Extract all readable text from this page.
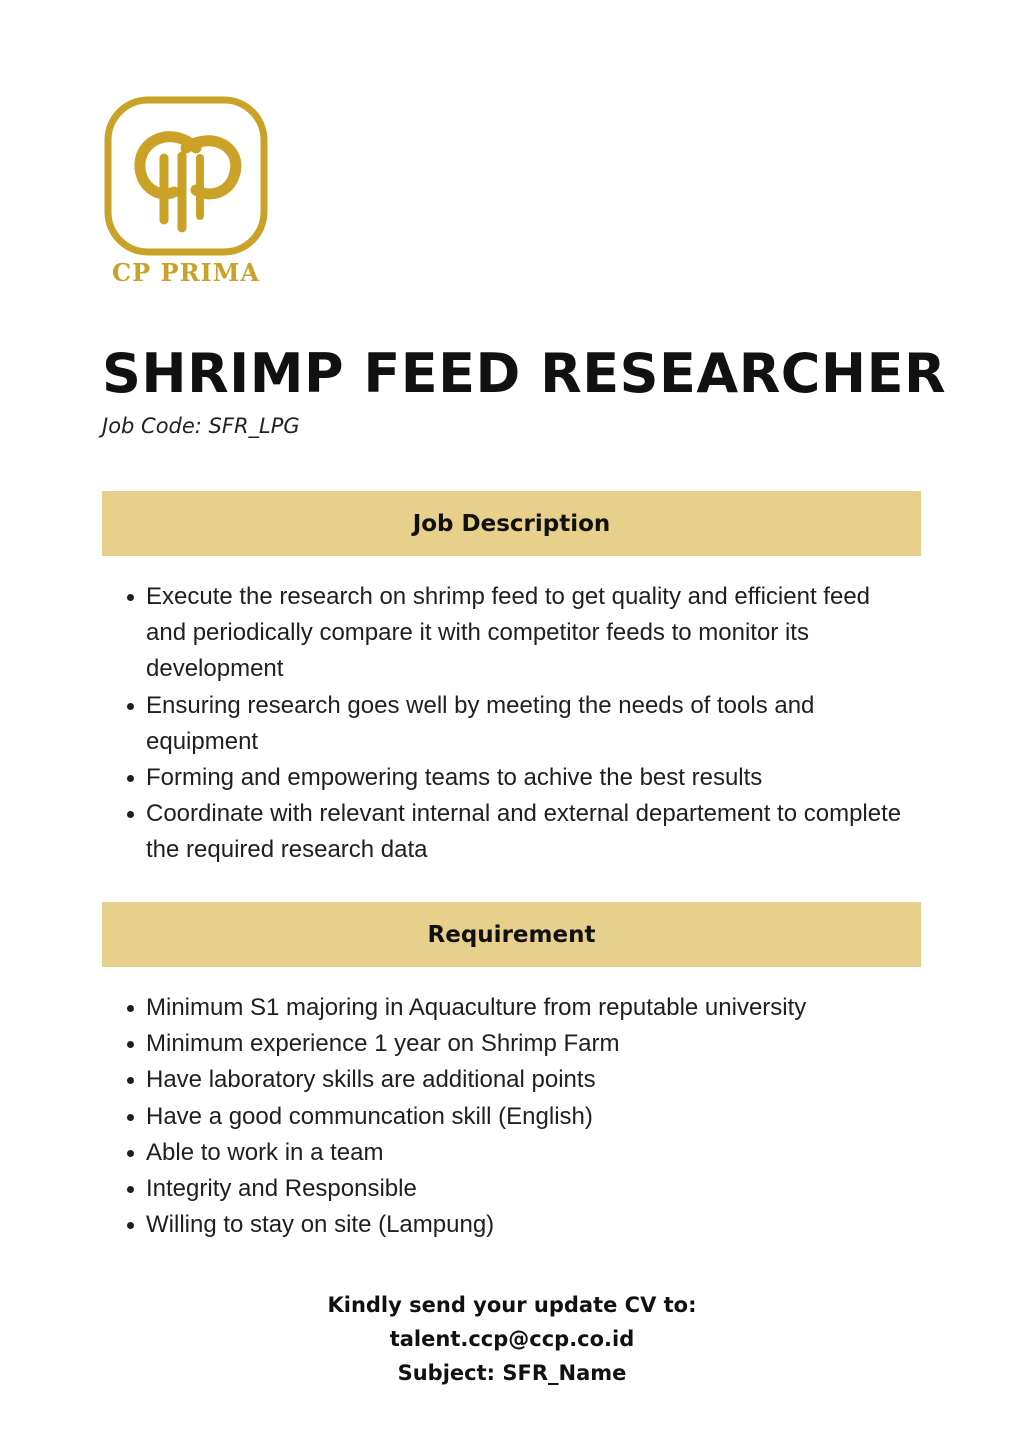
CP PRIMA
SHRIMP FEED RESEARCHER
Job Code: SFR_LPG
Job Description
Execute the research on shrimp feed to get quality and efficient feed and periodically compare it with competitor feeds to monitor its development
Ensuring research goes well by meeting the needs of tools and equipment
Forming and empowering teams to achive the best results
Coordinate with relevant internal and external departement to complete the required research data
Requirement
Minimum S1 majoring in Aquaculture from reputable university
Minimum experience 1 year on Shrimp Farm
Have laboratory skills are additional points
Have a good communcation skill (English)
Able to work in a team
Integrity and Responsible
Willing to stay on site (Lampung)
Kindly send your update CV to:
talent.ccp@ccp.co.id
Subject: SFR_Name
